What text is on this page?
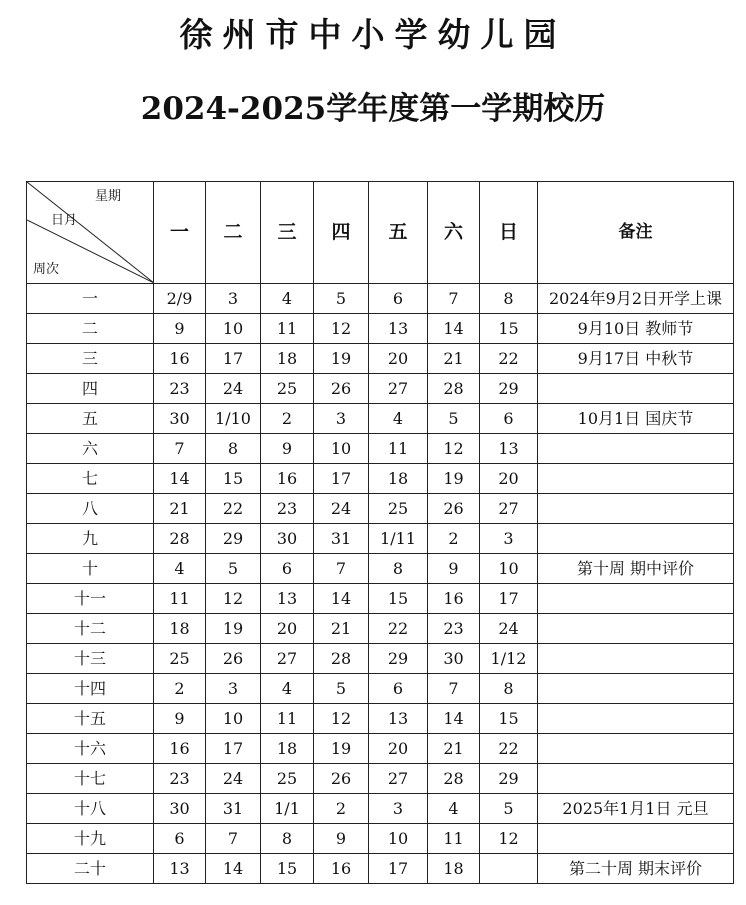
徐州市中小学幼儿园
2024-2025学年度第一学期校历
星期
日月
周次	一	二	三	四	五	六	日	备注
一	2/9	3	4	5	6	7	8	2024年9月2日开学上课
二	9	10	11	12	13	14	15	9月10日 教师节
三	16	17	18	19	20	21	22	9月17日 中秋节
四	23	24	25	26	27	28	29	
五	30	1/10	2	3	4	5	6	10月1日 国庆节
六	7	8	9	10	11	12	13	
七	14	15	16	17	18	19	20	
八	21	22	23	24	25	26	27	
九	28	29	30	31	1/11	2	3	
十	4	5	6	7	8	9	10	第十周 期中评价
十一	11	12	13	14	15	16	17	
十二	18	19	20	21	22	23	24	
十三	25	26	27	28	29	30	1/12	
十四	2	3	4	5	6	7	8	
十五	9	10	11	12	13	14	15	
十六	16	17	18	19	20	21	22	
十七	23	24	25	26	27	28	29	
十八	30	31	1/1	2	3	4	5	2025年1月1日 元旦
十九	6	7	8	9	10	11	12	
二十	13	14	15	16	17	18		第二十周 期末评价
